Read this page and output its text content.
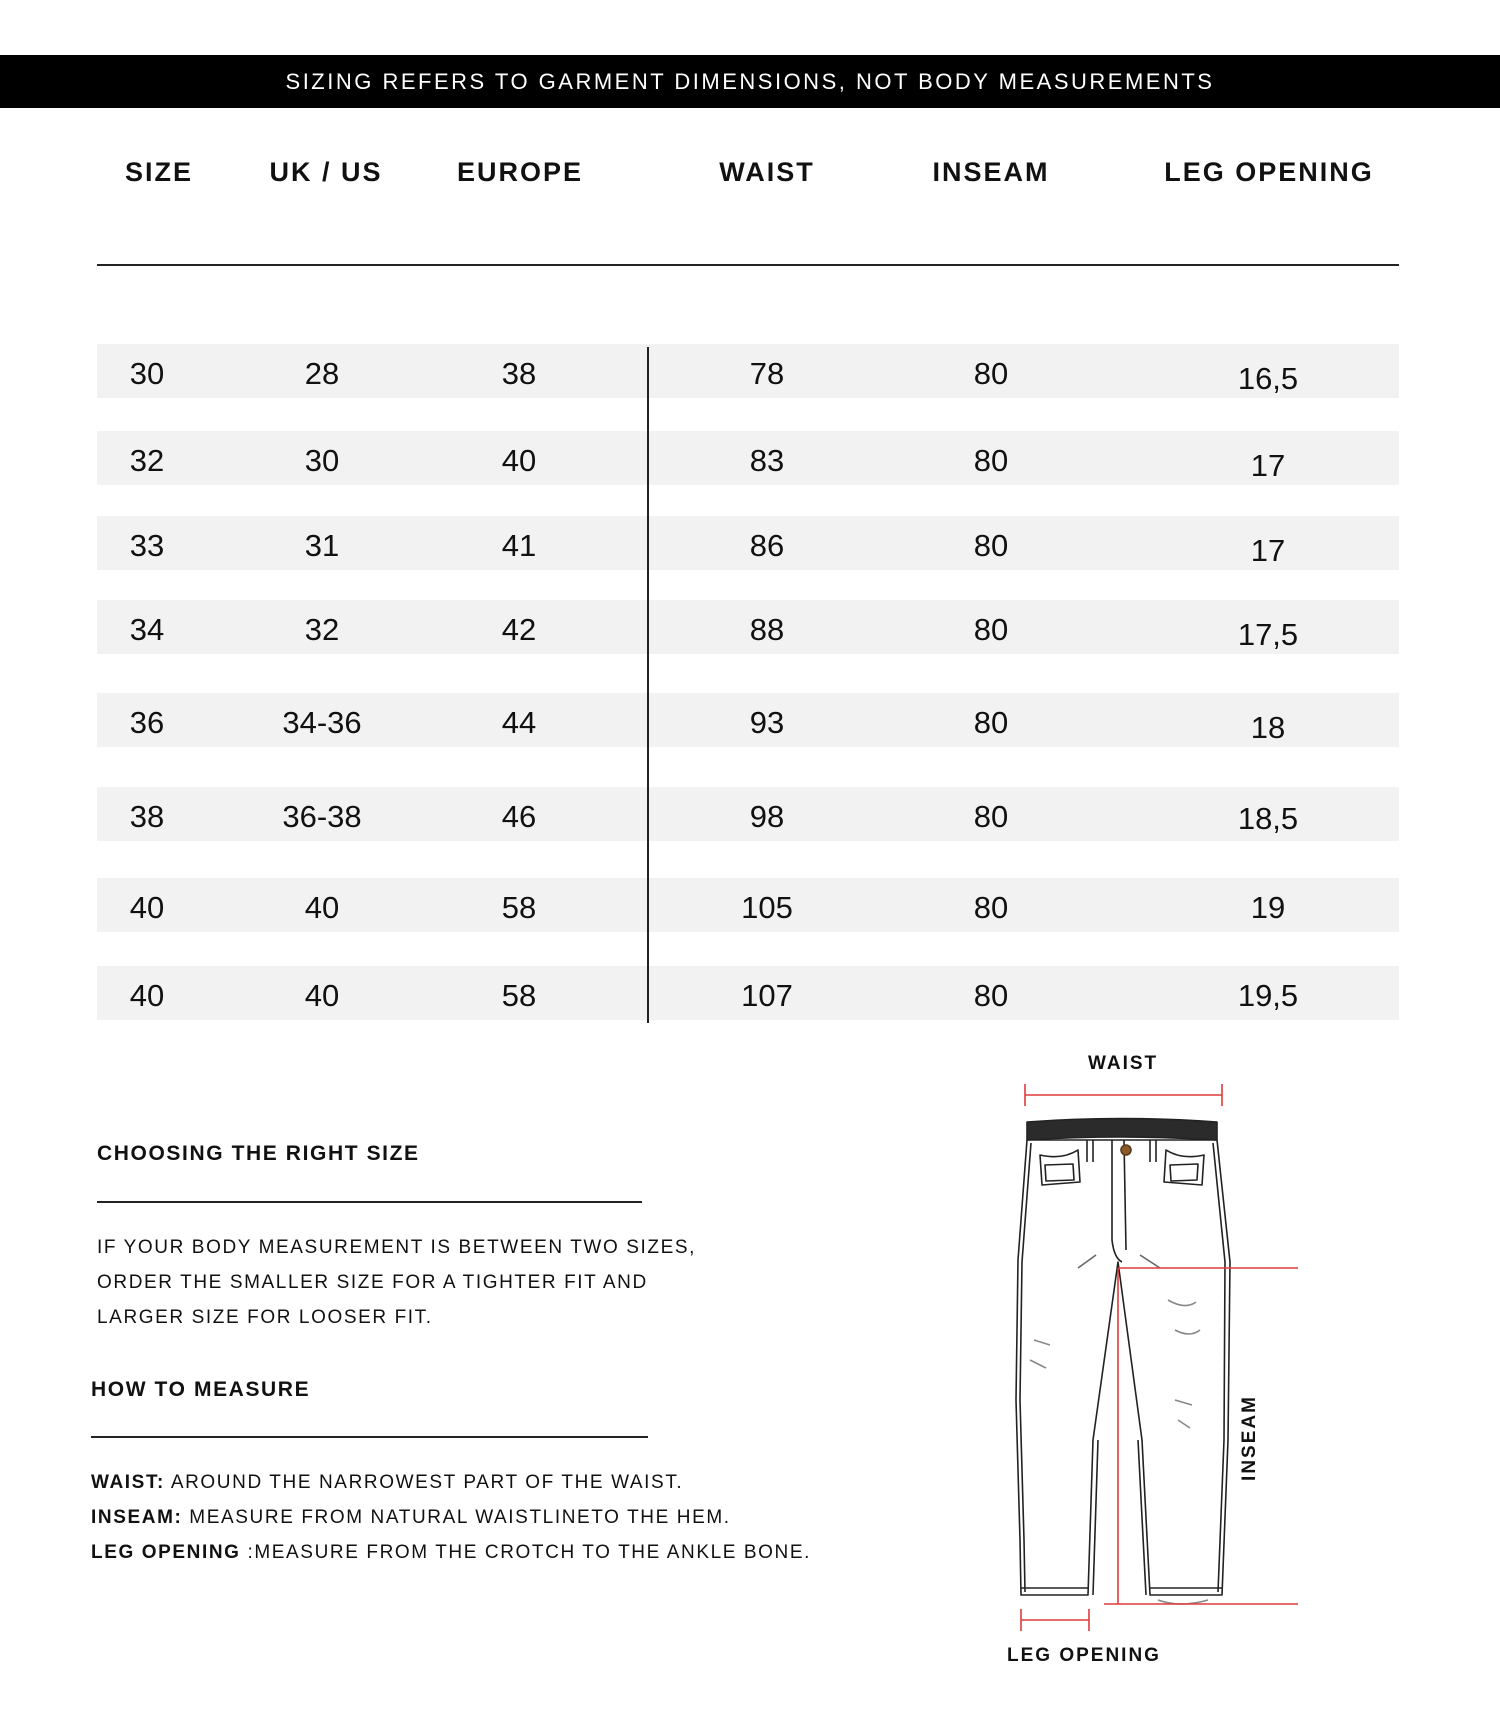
SIZING REFERS TO GARMENT DIMENSIONS, NOT BODY MEASUREMENTS
SIZE	UK / US	EUROPE	WAIST	INSEAM	LEG OPENING
30	28	38	78	80	16,5
32	30	40	83	80	17
33	31	41	86	80	17
34	32	42	88	80	17,5
36	34-36	44	93	80	18
38	36-38	46	98	80	18,5
40	40	58	105	80	19
40	40	58	107	80	19,5
CHOOSING THE RIGHT SIZE
IF YOUR BODY MEASUREMENT IS BETWEEN TWO SIZES,
ORDER THE SMALLER SIZE FOR A TIGHTER FIT AND
LARGER SIZE FOR LOOSER FIT.
HOW TO MEASURE
WAIST: AROUND THE NARROWEST PART OF THE WAIST.
INSEAM: MEASURE FROM NATURAL WAISTLINETO THE HEM.
LEG OPENING :MEASURE FROM THE CROTCH TO THE ANKLE BONE.
WAIST
LEG OPENING
INSEAM
